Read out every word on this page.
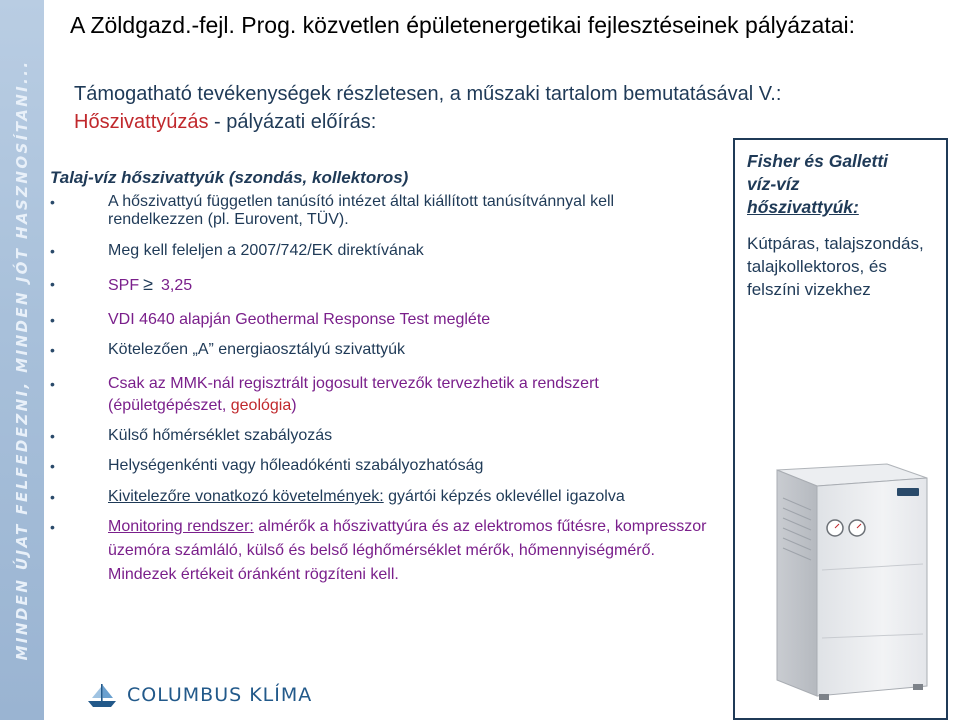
MINDEN ÚJAT FELFEDEZNI, MINDEN JÓT HASZNOSÍTANI...
A Zöldgazd.-fejl. Prog. közvetlen épületenergetikai fejlesztéseinek pályázatai:
Támogatható tevékenységek részletesen, a műszaki tartalom bemutatásával V.:
Hőszivattyúzás - pályázati előírás:
Talaj-víz hőszivattyúk (szondás, kollektoros)
• A hőszivattyú független tanúsító intézet által kiállított tanúsítvánnyal kell rendelkezzen (pl. Eurovent, TÜV).
• Meg kell feleljen a 2007/742/EK direktívának
• SPF ≥ 3,25
• VDI 4640 alapján Geothermal Response Test megléte
• Kötelezően „A” energiaosztályú szivattyúk
• Csak az MMK-nál regisztrált jogosult tervezők tervezhetik a rendszert (épületgépészet, geológia)
• Külső hőmérséklet szabályozás
• Helységenkénti vagy hőleadókénti szabályozhatóság
• Kivitelezőre vonatkozó követelmények: gyártói képzés oklevéllel igazolva
• Monitoring rendszer: almérők a hőszivattyúra és az elektromos fűtésre, kompresszor üzemóra számláló, külső és belső léghőmérséklet mérők, hőmennyiségmérő. Mindezek értékeit óránként rögzíteni kell.
Fisher és Galletti
víz-víz
hőszivattyúk:
Kútpáras, talajszondás, talajkollektoros, és felszíni vizekhez
COLUMBUS KLÍMA
